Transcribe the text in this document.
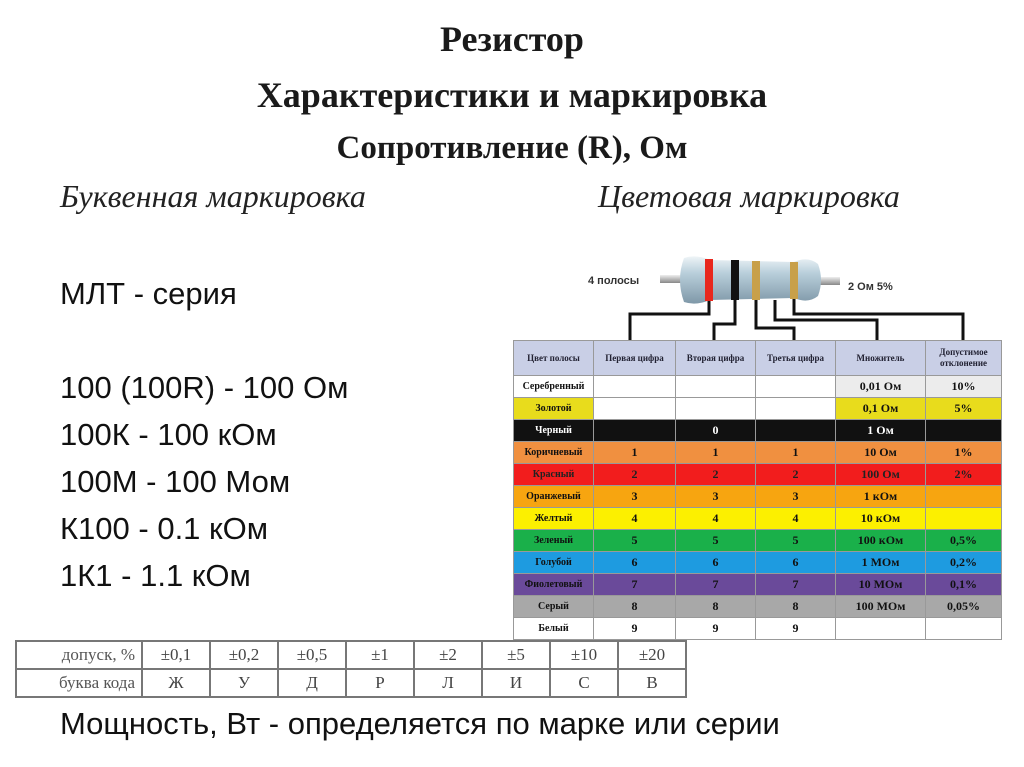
Резистор
Характеристики и маркировка
Сопротивление (R), Ом
Буквенная маркировка	Цветовая маркировка
МЛТ - серия
100 (100R) - 100 Ом
100К - 100 кОм
100М - 100 Мом
К100 - 0.1 кОм
1К1 - 1.1 кОм
4 полосы	2 Ом 5%
Цвет полосы	Первая цифра	Вторая цифра	Третья цифра	Множитель	Допустимое отклонение
Серебренный				0,01 Ом	10%
Золотой				0,1 Ом	5%
Черный		0		1 Ом	
Коричневый	1	1	1	10 Ом	1%
Красный	2	2	2	100 Ом	2%
Оранжевый	3	3	3	1 кОм	
Желтый	4	4	4	10 кОм	
Зеленый	5	5	5	100 кОм	0,5%
Голубой	6	6	6	1 МОм	0,2%
Фиолетовый	7	7	7	10 МОм	0,1%
Серый	8	8	8	100 МОм	0,05%
Белый	9	9	9		
допуск, %	±0,1	±0,2	±0,5	±1	±2	±5	±10	±20
буква кода	Ж	У	Д	Р	Л	И	С	В
Мощность, Вт - определяется по марке или серии
